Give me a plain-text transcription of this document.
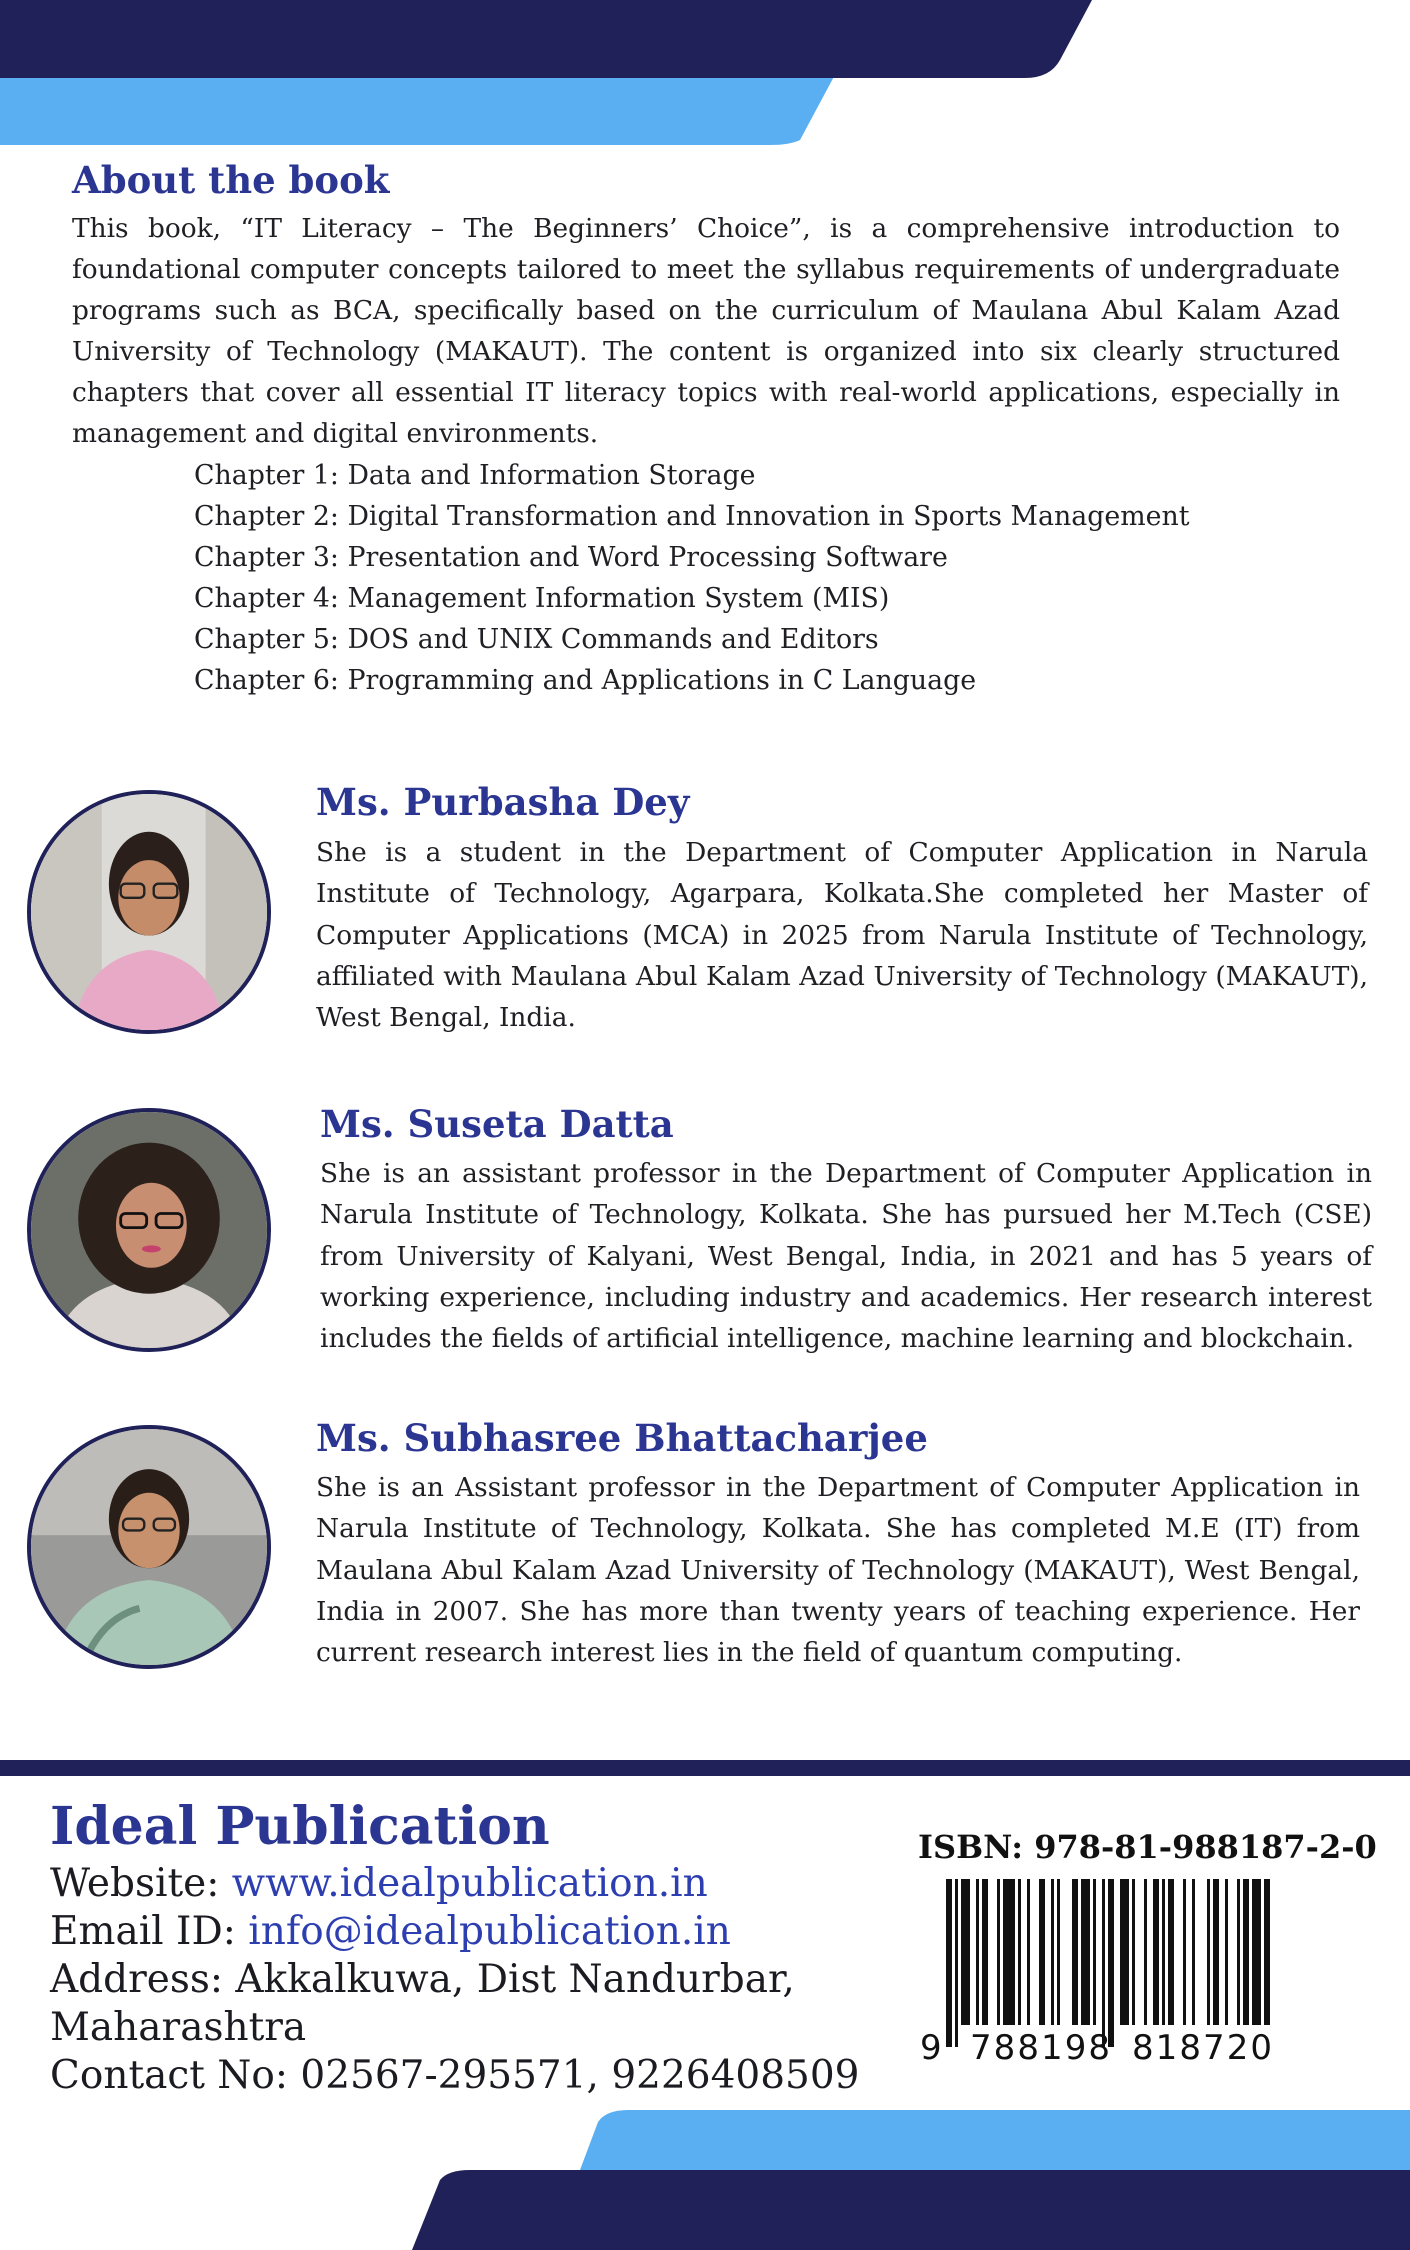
About the book
This book, “IT Literacy – The Beginners’ Choice”, is a comprehensive introduction to foundational computer concepts tailored to meet the syllabus requirements of undergraduate programs such as BCA, specifically based on the curriculum of Maulana Abul Kalam Azad University of Technology (MAKAUT). The content is organized into six clearly structured chapters that cover all essential IT literacy topics with real-world applications, especially in management and digital environments.
Chapter 1: Data and Information Storage
Chapter 2: Digital Transformation and Innovation in Sports Management
Chapter 3: Presentation and Word Processing Software
Chapter 4: Management Information System (MIS)
Chapter 5: DOS and UNIX Commands and Editors
Chapter 6: Programming and Applications in C Language
Ms. Purbasha Dey
She is a student in the Department of Computer Application in Narula Institute of Technology, Agarpara, Kolkata.She completed her Master of Computer Applications (MCA) in 2025 from Narula Institute of Technology, affiliated with Maulana Abul Kalam Azad University of Technology (MAKAUT), West Bengal, India.
Ms. Suseta Datta
She is an assistant professor in the Department of Computer Application in Narula Institute of Technology, Kolkata. She has pursued her M.Tech (CSE) from University of Kalyani, West Bengal, India, in 2021 and has 5 years of working experience, including industry and academics. Her research interest includes the fields of artificial intelligence, machine learning and blockchain.
Ms. Subhasree Bhattacharjee
She is an Assistant professor in the Department of Computer Application in Narula Institute of Technology, Kolkata. She has completed M.E (IT) from Maulana Abul Kalam Azad University of Technology (MAKAUT), West Bengal, India in 2007. She has more than twenty years of teaching experience. Her current research interest lies in the field of quantum computing.
Ideal Publication
Website: www.idealpublication.in
Email ID: info@idealpublication.in
Address: Akkalkuwa, Dist Nandurbar,
Maharashtra
Contact No: 02567-295571, 9226408509
ISBN: 978-81-988187-2-0
9 788198 818720
